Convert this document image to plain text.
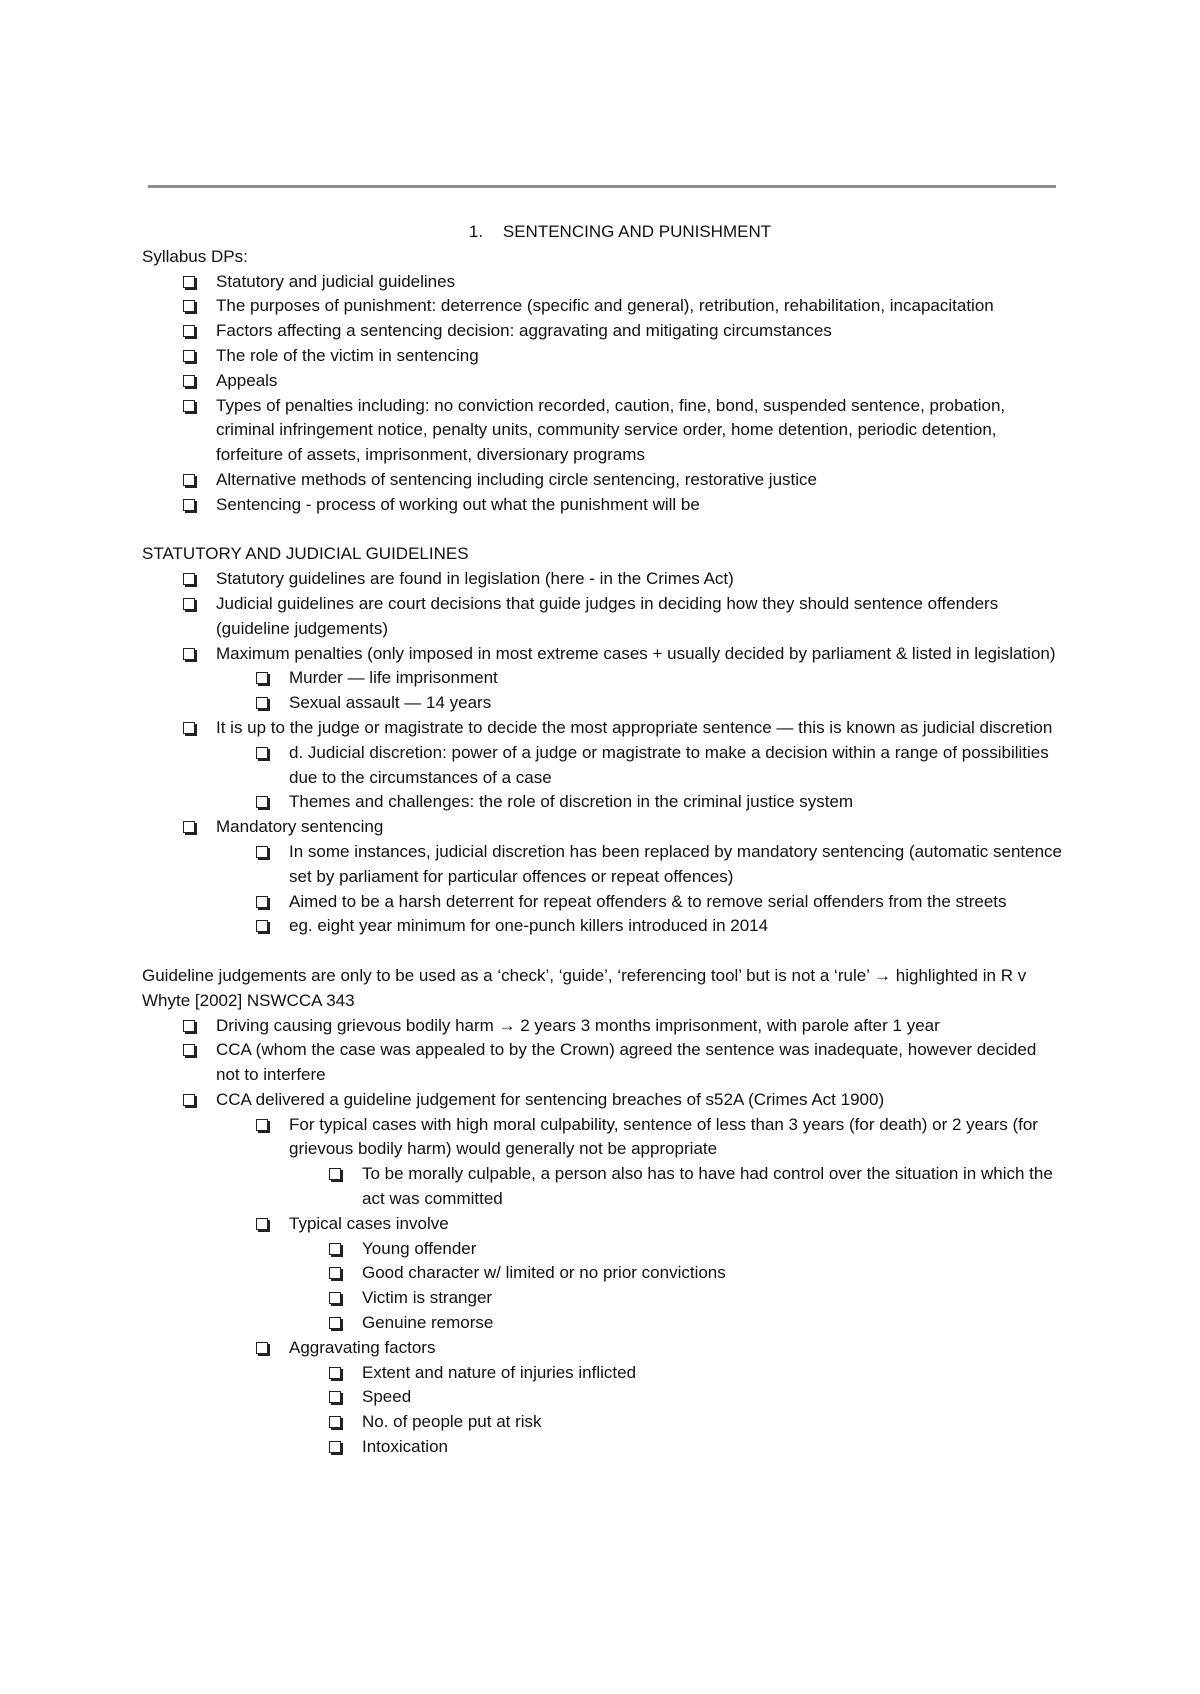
1. SENTENCING AND PUNISHMENT
Syllabus DPs:
Statutory and judicial guidelines
The purposes of punishment: deterrence (specific and general), retribution, rehabilitation, incapacitation
Factors affecting a sentencing decision: aggravating and mitigating circumstances
The role of the victim in sentencing
Appeals
Types of penalties including: no conviction recorded, caution, fine, bond, suspended sentence, probation, criminal infringement notice, penalty units, community service order, home detention, periodic detention, forfeiture of assets, imprisonment, diversionary programs
Alternative methods of sentencing including circle sentencing, restorative justice
Sentencing - process of working out what the punishment will be
STATUTORY AND JUDICIAL GUIDELINES
Statutory guidelines are found in legislation (here - in the Crimes Act)
Judicial guidelines are court decisions that guide judges in deciding how they should sentence offenders (guideline judgements)
Maximum penalties (only imposed in most extreme cases + usually decided by parliament & listed in legislation)
Murder — life imprisonment
Sexual assault — 14 years
It is up to the judge or magistrate to decide the most appropriate sentence — this is known as judicial discretion
d. Judicial discretion: power of a judge or magistrate to make a decision within a range of possibilities due to the circumstances of a case
Themes and challenges: the role of discretion in the criminal justice system
Mandatory sentencing
In some instances, judicial discretion has been replaced by mandatory sentencing (automatic sentence set by parliament for particular offences or repeat offences)
Aimed to be a harsh deterrent for repeat offenders & to remove serial offenders from the streets
eg. eight year minimum for one-punch killers introduced in 2014
Guideline judgements are only to be used as a ‘check’, ‘guide’, ‘referencing tool’ but is not a ‘rule’ → highlighted in R v Whyte [2002] NSWCCA 343
Driving causing grievous bodily harm → 2 years 3 months imprisonment, with parole after 1 year
CCA (whom the case was appealed to by the Crown) agreed the sentence was inadequate, however decided not to interfere
CCA delivered a guideline judgement for sentencing breaches of s52A (Crimes Act 1900)
For typical cases with high moral culpability, sentence of less than 3 years (for death) or 2 years (for grievous bodily harm) would generally not be appropriate
To be morally culpable, a person also has to have had control over the situation in which the act was committed
Typical cases involve
Young offender
Good character w/ limited or no prior convictions
Victim is stranger
Genuine remorse
Aggravating factors
Extent and nature of injuries inflicted
Speed
No. of people put at risk
Intoxication
